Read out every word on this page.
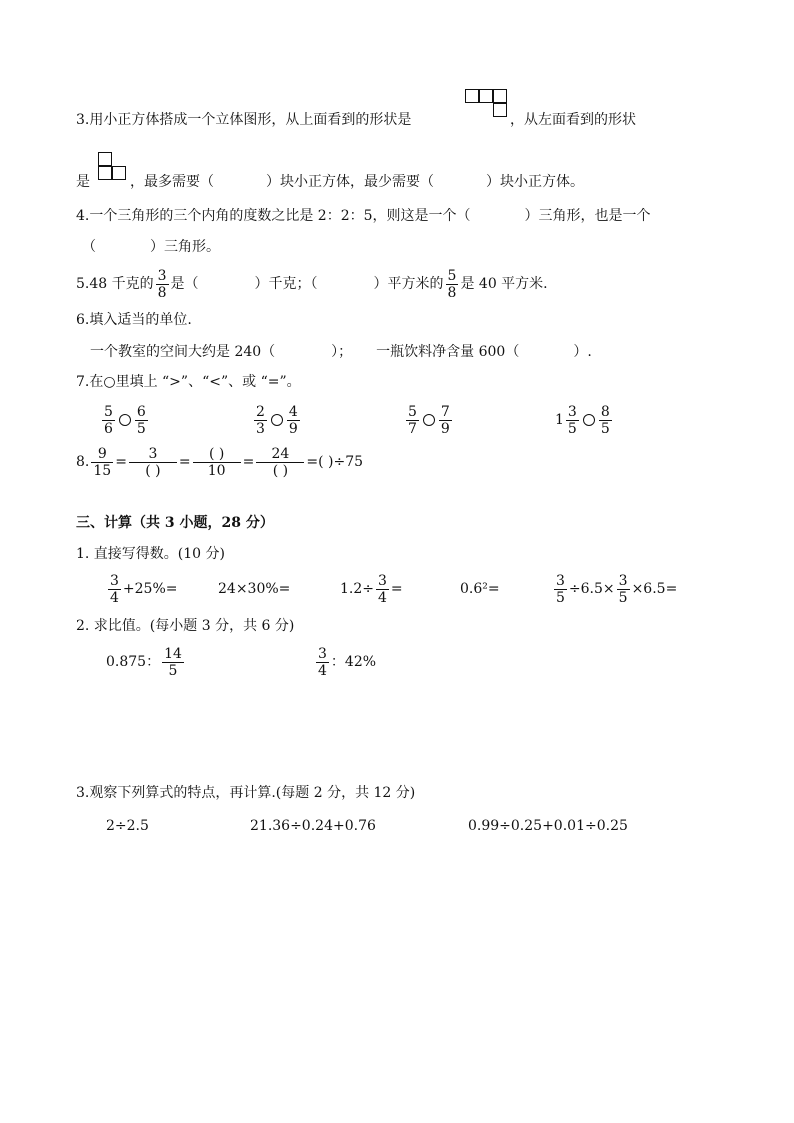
3.用小正方体搭成一个立体图形，从上面看到的形状是	，从左面看到的形状
是	，最多需要（	）块小正方体，最少需要（	）块小正方体。
4.一个三角形的三个内角的度数之比是 2：2：5，则这是一个（	）三角形，也是一个
（	）三角形。
5.48 千克的 $\frac{3}{8}$ 是（	）千克；（	）平方米的 $\frac{5}{8}$ 是 40 平方米.
6.填入适当的单位.
一个教室的空间大约是 240（	）； 一瓶饮料净含量 600（	）.
7.在○里填上 “>”、“<”、或 “=”。
$\frac{5}{6} \frac{6}{5}$	$\frac{2}{3} \frac{4}{9}$	$\frac{5}{7} \frac{7}{9}$	$1 \frac{3}{5} \frac{8}{5}$
8. $\frac{9}{15} = \frac{3}{( )} = \frac{( )}{10} = \frac{24}{( )}$ =( )÷75
三、计算（共 3 小题，28 分）
1. 直接写得数。(10 分)
$\frac{3}{4} +25\%=$	24×30%=	$1.2\div \frac{3}{4}$ =	0.6²=	$\frac{3}{5} \div 6.5\times \frac{3}{5} \times 6.5=$
2. 求比值。(每小题 3 分，共 6 分)
0.875： $\frac{14}{5}$	$\frac{3}{4}$ ：42%
3.观察下列算式的特点，再计算.(每题 2 分，共 12 分)
2÷2.5	21.36÷0.24+0.76	0.99÷0.25+0.01÷0.25
